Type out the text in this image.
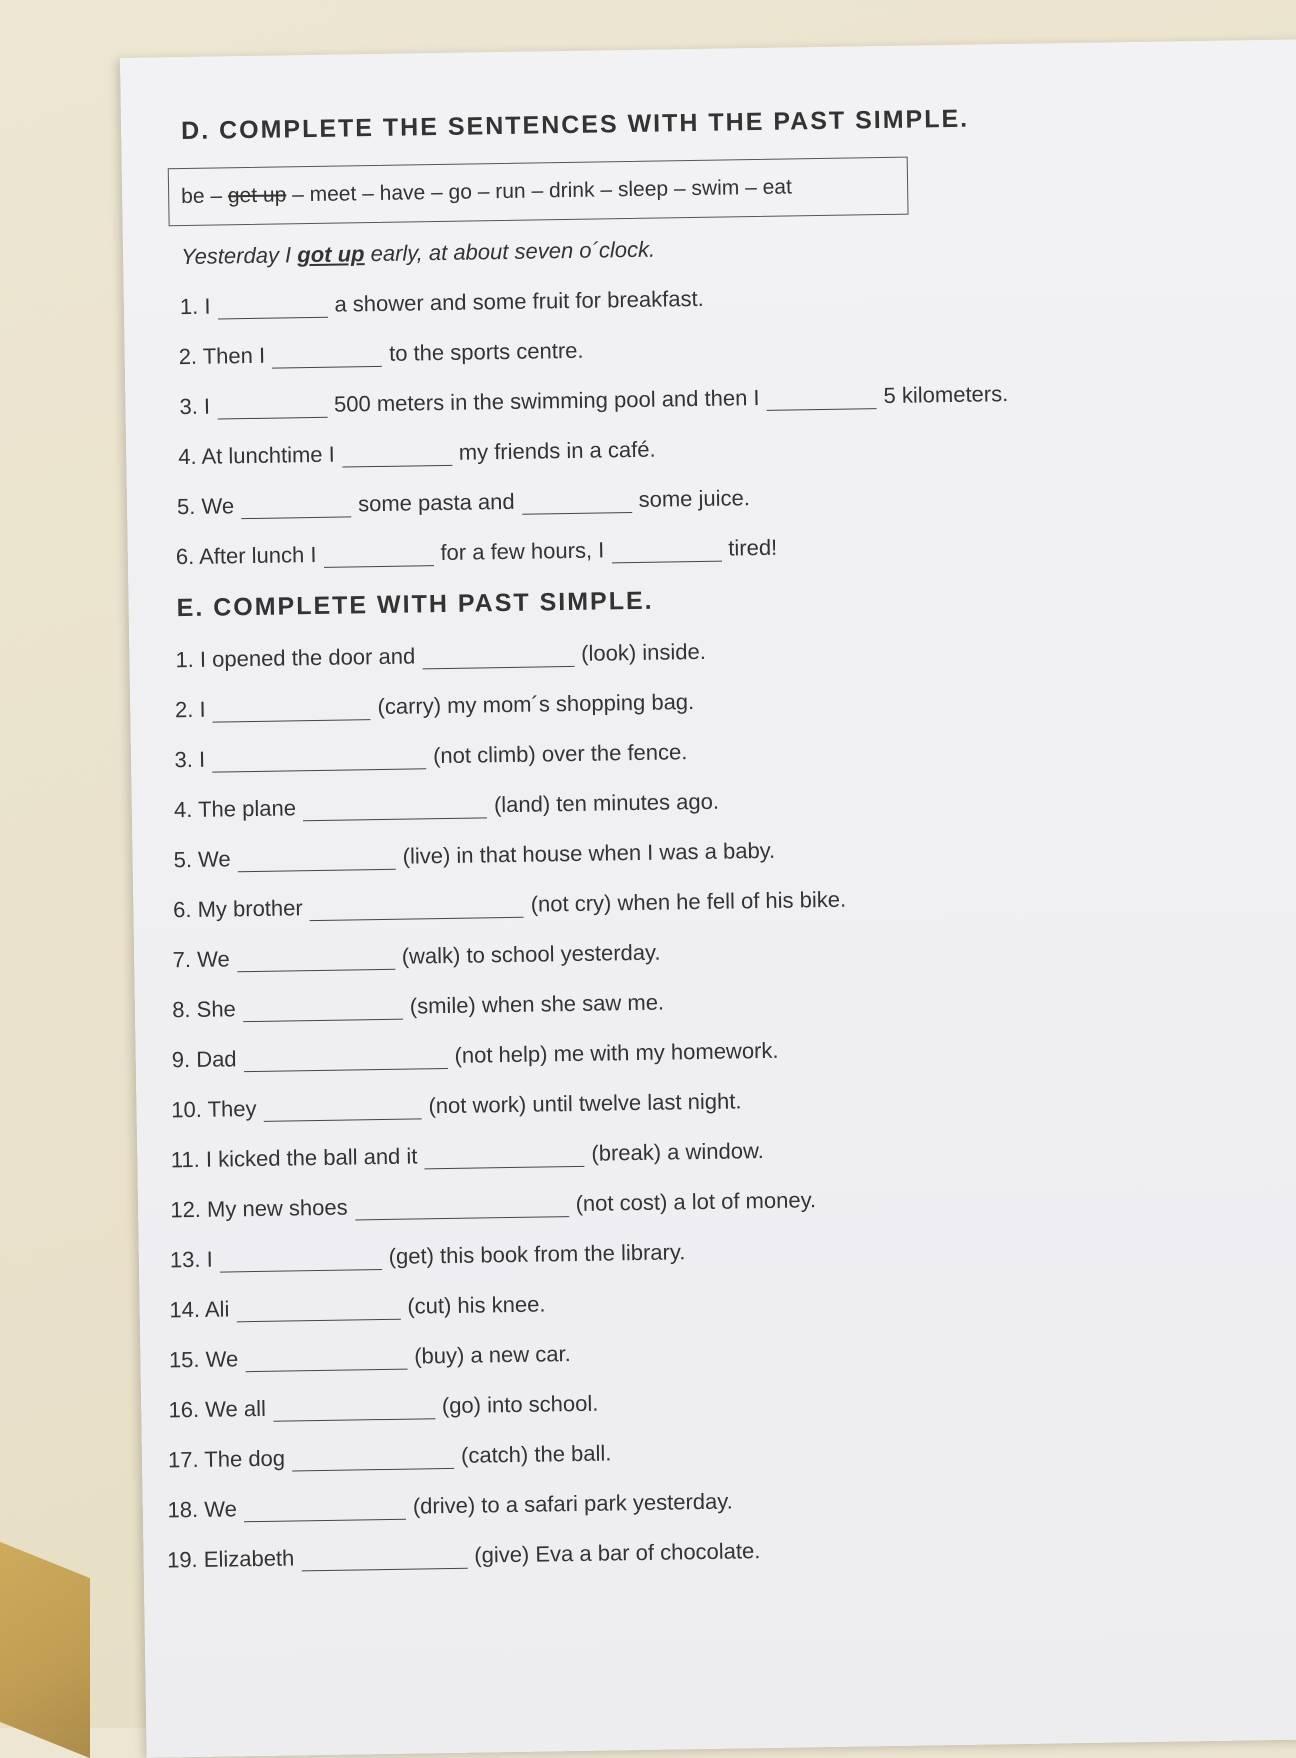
D. COMPLETE THE SENTENCES WITH THE PAST SIMPLE.
be – get up – meet – have – go – run – drink – sleep – swim – eat
Yesterday I got up early, at about seven o´clock.
1. I	a shower and some fruit for breakfast.
2. Then I	to the sports centre.
3. I	500 meters in the swimming pool and then I	5 kilometers.
4. At lunchtime I	my friends in a café.
5. We	some pasta and	some juice.
6. After lunch I	for a few hours, I	tired!
E. COMPLETE WITH PAST SIMPLE.
1. I opened the door and	(look) inside.
2. I	(carry) my mom´s shopping bag.
3. I	(not climb) over the fence.
4. The plane	(land) ten minutes ago.
5. We	(live) in that house when I was a baby.
6. My brother	(not cry) when he fell of his bike.
7. We	(walk) to school yesterday.
8. She	(smile) when she saw me.
9. Dad	(not help) me with my homework.
10. They	(not work) until twelve last night.
11. I kicked the ball and it	(break) a window.
12. My new shoes	(not cost) a lot of money.
13. I	(get) this book from the library.
14. Ali	(cut) his knee.
15. We	(buy) a new car.
16. We all	(go) into school.
17. The dog	(catch) the ball.
18. We	(drive) to a safari park yesterday.
19. Elizabeth	(give) Eva a bar of chocolate.
